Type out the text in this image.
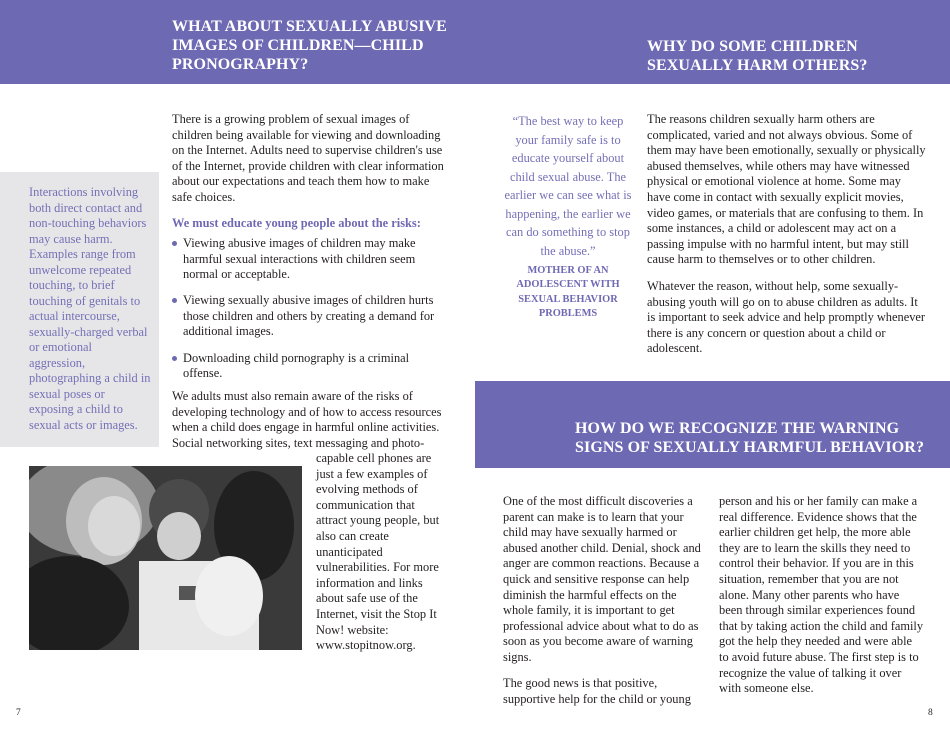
WHAT ABOUT SEXUALLY ABUSIVE IMAGES OF CHILDREN—CHILD PRONOGRAPHY?

Interactions involving both direct contact and non-touching behaviors may cause harm. Examples range from unwelcome repeated touching, to brief touching of genitals to actual intercourse, sexually-charged verbal or emotional aggression, photographing a child in sexual poses or exposing a child to sexual acts or images.

There is a growing problem of sexual images of children being available for viewing and downloading on the Internet. Adults need to supervise children's use of the Internet, provide children with clear information about our expectations and teach them how to make safe choices.

We must educate young people about the risks:

Viewing abusive images of children may make harmful sexual interactions with children seem normal or acceptable.
Viewing sexually abusive images of children hurts those children and others by creating a demand for additional images.
Downloading child pornography is a criminal offense.

We adults must also remain aware of the risks of developing technology and of how to access resources when a child does engage in harmful online activities. Social networking sites, text messaging and photo-

capable cell phones are just a few examples of evolving methods of communication that attract young people, but also can create unanticipated vulnerabilities. For more information and links about safe use of the Internet, visit the Stop It Now! website: www.stopitnow.org.

7
WHY DO SOME CHILDREN SEXUALLY HARM OTHERS?

“The best way to keep your family safe is to educate yourself about child sexual abuse. The earlier we can see what is happening, the earlier we can do something to stop the abuse.”

MOTHER OF AN ADOLESCENT WITH SEXUAL BEHAVIOR PROBLEMS

The reasons children sexually harm others are complicated, varied and not always obvious. Some of them may have been emotionally, sexually or physically abused themselves, while others may have witnessed physical or emotional violence at home. Some may have come in contact with sexually explicit movies, video games, or materials that are confusing to them. In some instances, a child or adolescent may act on a passing impulse with no harmful intent, but may still cause harm to themselves or to other children.

Whatever the reason, without help, some sexually-abusing youth will go on to abuse children as adults. It is important to seek advice and help promptly whenever there is any concern or question about a child or adolescent.

HOW DO WE RECOGNIZE THE WARNING SIGNS OF SEXUALLY HARMFUL BEHAVIOR?

One of the most difficult discoveries a parent can make is to learn that your child may have sexually harmed or abused another child. Denial, shock and anger are common reactions. Because a quick and sensitive response can help diminish the harmful effects on the whole family, it is important to get professional advice about what to do as soon as you become aware of warning signs.

The good news is that positive, supportive help for the child or young

person and his or her family can make a real difference. Evidence shows that the earlier children get help, the more able they are to learn the skills they need to control their behavior. If you are in this situation, remember that you are not alone. Many other parents who have been through similar experiences found that by taking action the child and family got the help they needed and were able to avoid future abuse. The first step is to recognize the value of talking it over with someone else.

8
